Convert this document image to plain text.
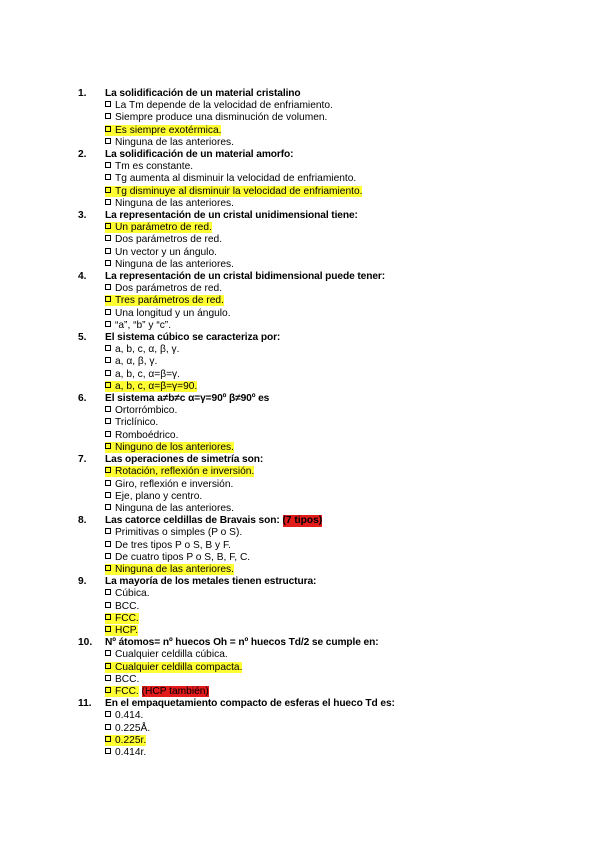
1.	La solidificación de un material cristalino
La Tm depende de la velocidad de enfriamiento.
Siempre produce una disminución de volumen.
Es siempre exotérmica.
Ninguna de las anteriores.
2.	La solidificación de un material amorfo:
Tm es constante.
Tg aumenta al disminuir la velocidad de enfriamiento.
Tg disminuye al disminuir la velocidad de enfriamiento.
Ninguna de las anteriores.
3.	La representación de un cristal unidimensional tiene:
Un parámetro de red.
Dos parámetros de red.
Un vector y un ángulo.
Ninguna de las anteriores.
4.	La representación de un cristal bidimensional puede tener:
Dos parámetros de red.
Tres parámetros de red.
Una longitud y un ángulo.
“a”, “b” y “c”.
5.	El sistema cúbico se caracteriza por:
a, b, c, α, β, γ.
a, α, β, γ.
a, b, c, α=β=γ.
a, b, c, α=β=γ=90.
6.	El sistema a≠b≠c α=γ=90º β≠90º es
Ortorrómbico.
Triclínico.
Romboédrico.
Ninguno de los anteriores.
7.	Las operaciones de simetría son:
Rotación, reflexión e inversión.
Giro, reflexión e inversión.
Eje, plano y centro.
Ninguna de las anteriores.
8.	Las catorce celdillas de Bravais son:
(7 tipos)
Primitivas o simples (P o S).
De tres tipos P o S, B y F.
De cuatro tipos P o S, B, F, C.
Ninguna de las anteriores.
9.	La mayoría de los metales tienen estructura:
Cúbica.
BCC.
FCC.
HCP.
10.	Nº átomos= nº huecos Oh = nº huecos Td/2 se cumple en:
Cualquier celdilla cúbica.
Cualquier celdilla compacta.
BCC.
FCC. (HCP también)
11.	En el empaquetamiento compacto de esferas el hueco Td es:
0.414.
0.225Å.
0.225r.
0.414r.
